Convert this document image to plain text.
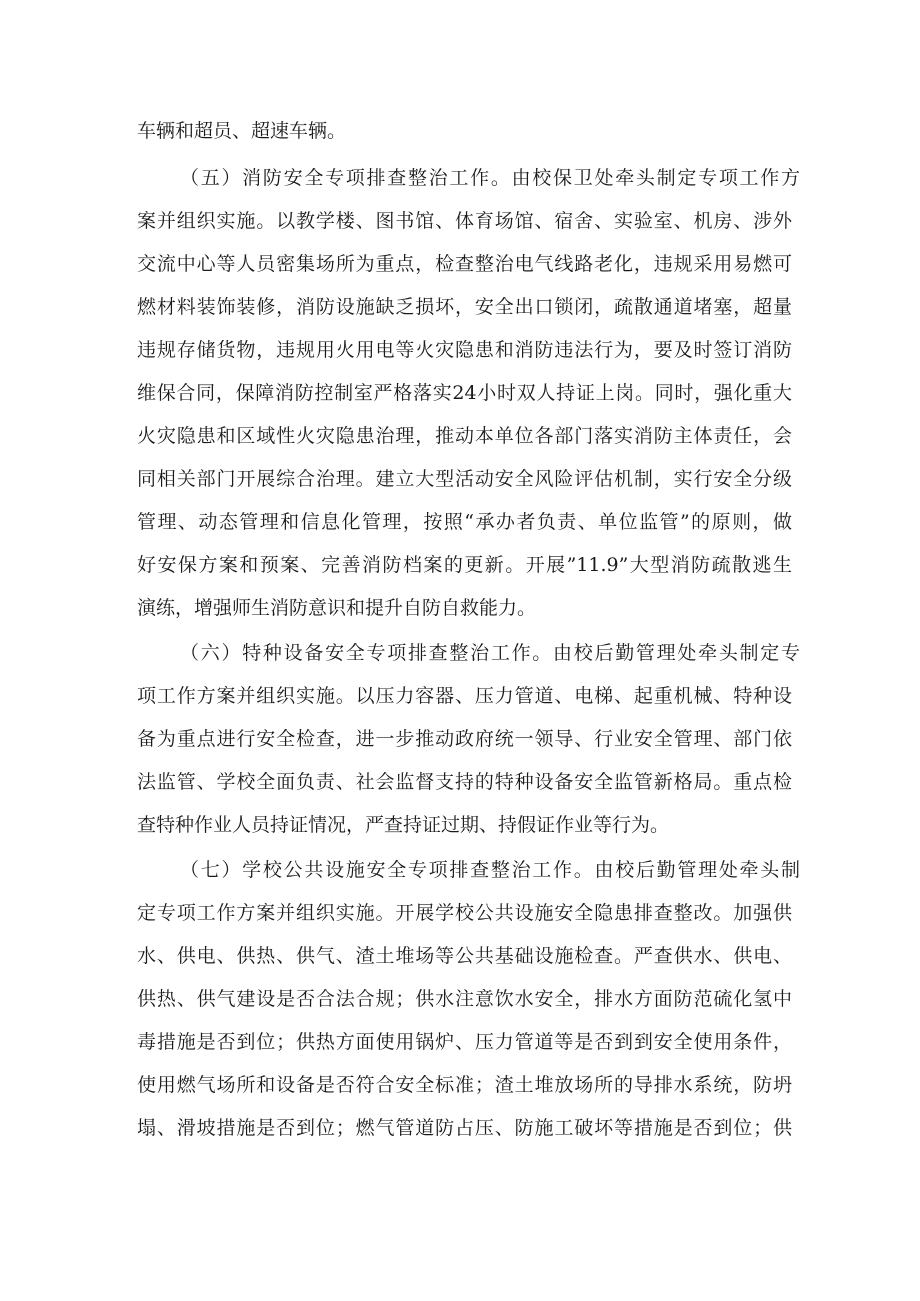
车辆和超员、超速车辆。
（五）消防安全专项排查整治工作。由校保卫处牵头制定专项工作方
案并组织实施。以教学楼、图书馆、体育场馆、宿舍、实验室、机房、涉外
交流中心等人员密集场所为重点，检查整治电气线路老化，违规采用易燃可
燃材料装饰装修，消防设施缺乏损坏，安全出口锁闭，疏散通道堵塞，超量
违规存储货物，违规用火用电等火灾隐患和消防违法行为，要及时签订消防
维保合同，保障消防控制室严格落实24小时双人持证上岗。同时，强化重大
火灾隐患和区域性火灾隐患治理，推动本单位各部门落实消防主体责任，会
同相关部门开展综合治理。建立大型活动安全风险评估机制，实行安全分级
管理、动态管理和信息化管理，按照“承办者负责、单位监管”的原则，做
好安保方案和预案、完善消防档案的更新。开展”11.9”大型消防疏散逃生
演练，增强师生消防意识和提升自防自救能力。
（六）特种设备安全专项排查整治工作。由校后勤管理处牵头制定专
项工作方案并组织实施。以压力容器、压力管道、电梯、起重机械、特种设
备为重点进行安全检查，进一步推动政府统一领导、行业安全管理、部门依
法监管、学校全面负责、社会监督支持的特种设备安全监管新格局。重点检
查特种作业人员持证情况，严查持证过期、持假证作业等行为。
（七）学校公共设施安全专项排查整治工作。由校后勤管理处牵头制
定专项工作方案并组织实施。开展学校公共设施安全隐患排查整改。加强供
水、供电、供热、供气、渣土堆场等公共基础设施检查。严查供水、供电、
供热、供气建设是否合法合规；供水注意饮水安全，排水方面防范硫化氢中
毒措施是否到位；供热方面使用锅炉、压力管道等是否到到安全使用条件，
使用燃气场所和设备是否符合安全标准；渣土堆放场所的导排水系统，防坍
塌、滑坡措施是否到位；燃气管道防占压、防施工破坏等措施是否到位；供
